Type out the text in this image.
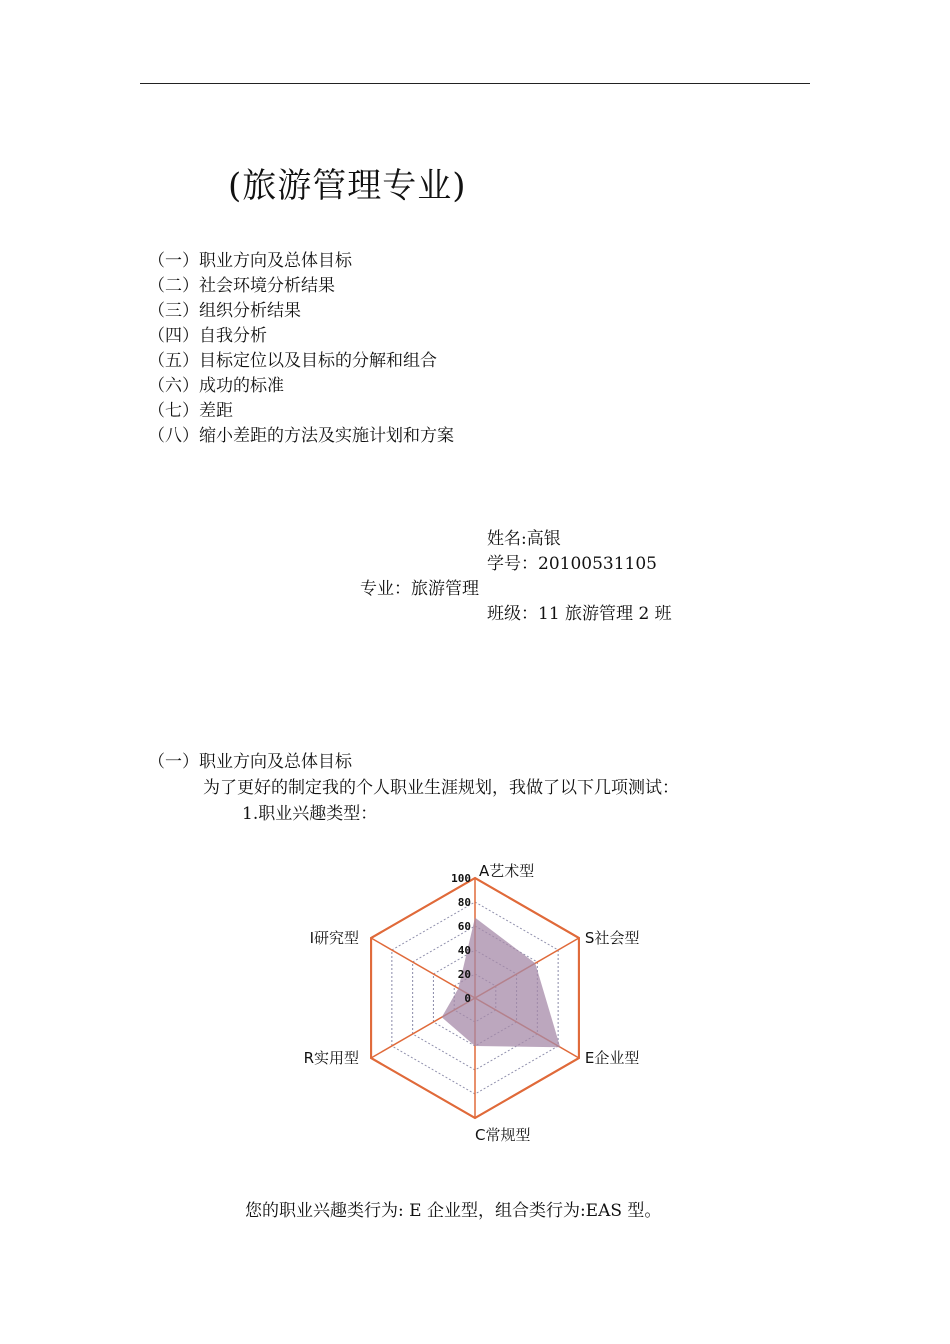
(旅游管理专业)
（一）职业方向及总体目标
（二）社会环境分析结果
（三）组织分析结果
（四）自我分析
（五）目标定位以及目标的分解和组合
（六）成功的标准
（七）差距
（八）缩小差距的方法及实施计划和方案
姓名:高银
学号：20100531105
专业：旅游管理
班级：11 旅游管理 2 班
（一）职业方向及总体目标
为了更好的制定我的个人职业生涯规划，我做了以下几项测试：
1.职业兴趣类型：
0
20
40
60
80
100 A艺术型
S社会型
E企业型
C常规型
R实用型
I研究型
您的职业兴趣类行为: E 企业型，组合类行为:EAS 型。
